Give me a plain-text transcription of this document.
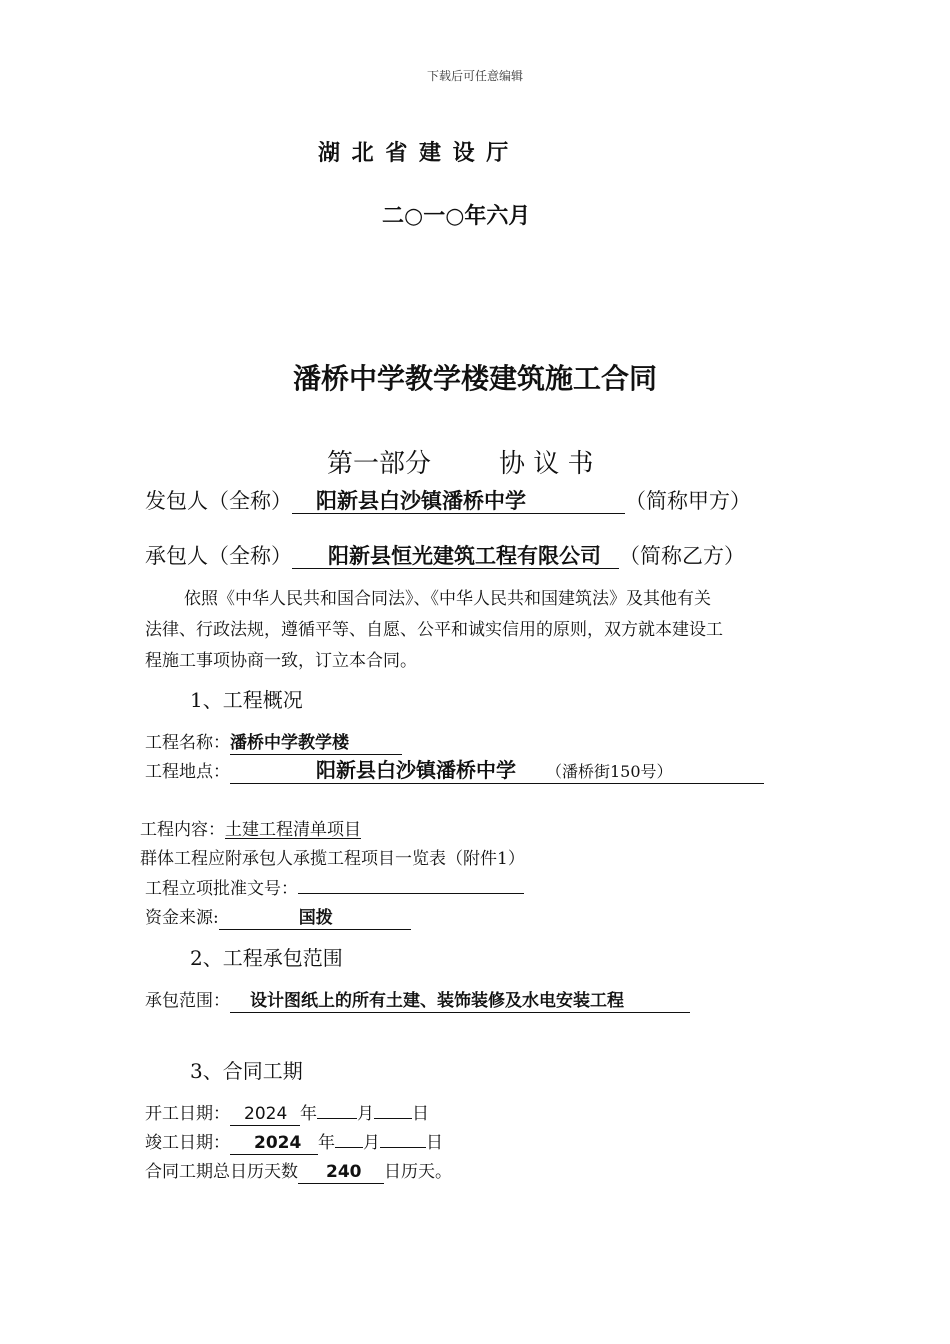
下载后可任意编辑
湖 北 省 建 设 厅
二○一○年六月
潘桥中学教学楼建筑施工合同
第一部分	协 议 书
发包人（全称） 阳新县白沙镇潘桥中学	（简称甲方）
承包人（全称） 阳新县恒光建筑工程有限公司 （简称乙方）
依照《中华人民共和国合同法》、《中华人民共和国建筑法》及其他有关
法律、行政法规，遵循平等、自愿、公平和诚实信用的原则，双方就本建设工
程施工事项协商一致，订立本合同。
1、工程概况
工程名称：潘桥中学教学楼
工程地点：	阳新县白沙镇潘桥中学 （潘桥街150号）
工程内容：土建工程清单项目
群体工程应附承包人承揽工程项目一览表（附件1）
工程立项批准文号：
资金来源:	国拨
2、工程承包范围
承包范围： 设计图纸上的所有土建、装饰装修及水电安装工程
3、合同工期
开工日期： 2024 年 月 日
竣工日期： 2024 年 月	日
合同工期总日历天数 240 日历天。
